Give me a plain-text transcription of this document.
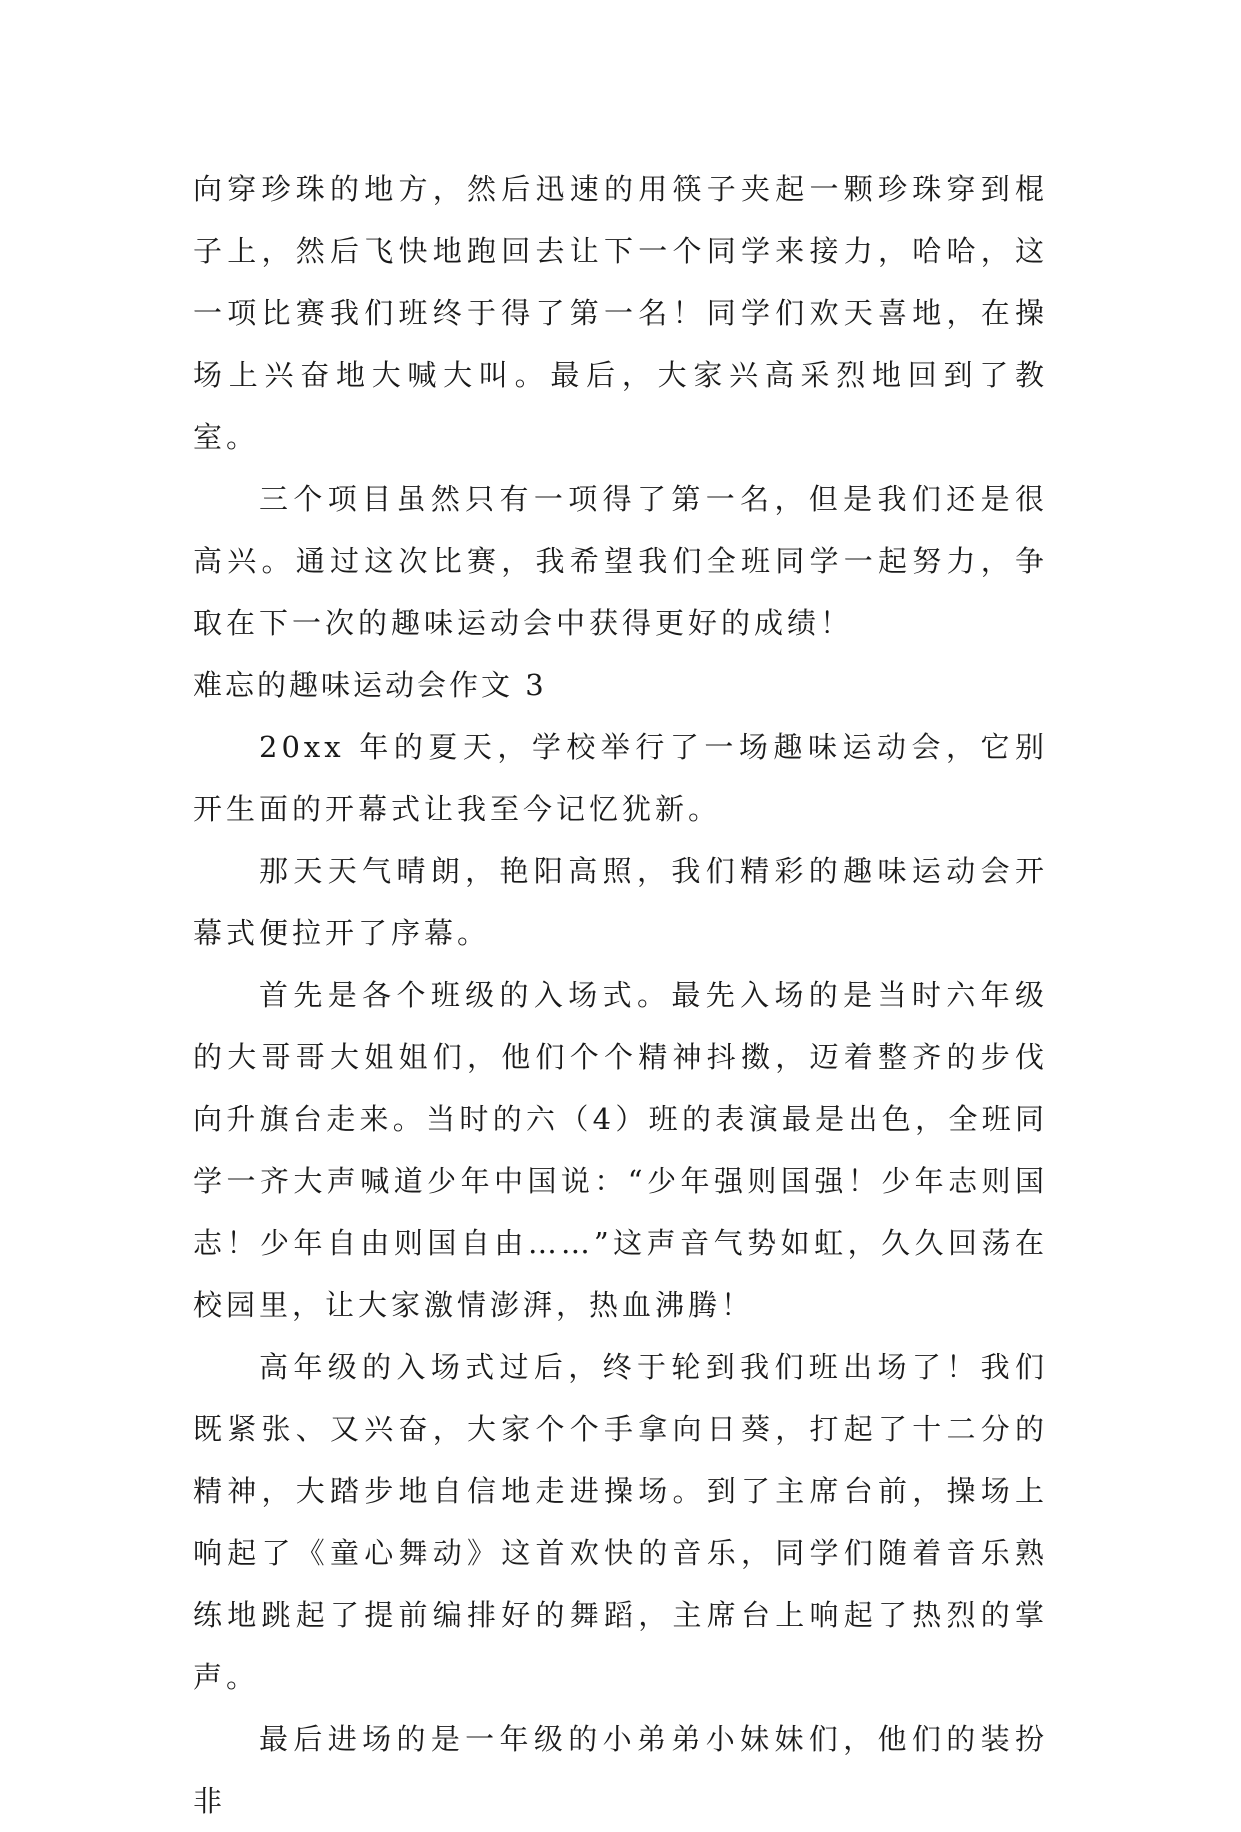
向穿珍珠的地方，然后迅速的用筷子夹起一颗珍珠穿到棍子上，然后飞快地跑回去让下一个同学来接力，哈哈，这一项比赛我们班终于得了第一名！同学们欢天喜地，在操场上兴奋地大喊大叫。最后，大家兴高采烈地回到了教室。

三个项目虽然只有一项得了第一名，但是我们还是很高兴。通过这次比赛，我希望我们全班同学一起努力，争取在下一次的趣味运动会中获得更好的成绩！

难忘的趣味运动会作文 3

20xx 年的夏天，学校举行了一场趣味运动会，它别开生面的开幕式让我至今记忆犹新。

那天天气晴朗，艳阳高照，我们精彩的趣味运动会开幕式便拉开了序幕。

首先是各个班级的入场式。最先入场的是当时六年级的大哥哥大姐姐们，他们个个精神抖擞，迈着整齐的步伐向升旗台走来。当时的六（4）班的表演最是出色，全班同学一齐大声喊道少年中国说：“少年强则国强！少年志则国志！少年自由则国自由……”这声音气势如虹，久久回荡在校园里，让大家激情澎湃，热血沸腾！

高年级的入场式过后，终于轮到我们班出场了！我们既紧张、又兴奋，大家个个手拿向日葵，打起了十二分的精神，大踏步地自信地走进操场。到了主席台前，操场上响起了《童心舞动》这首欢快的音乐，同学们随着音乐熟练地跳起了提前编排好的舞蹈，主席台上响起了热烈的掌声。

最后进场的是一年级的小弟弟小妹妹们，他们的装扮非
